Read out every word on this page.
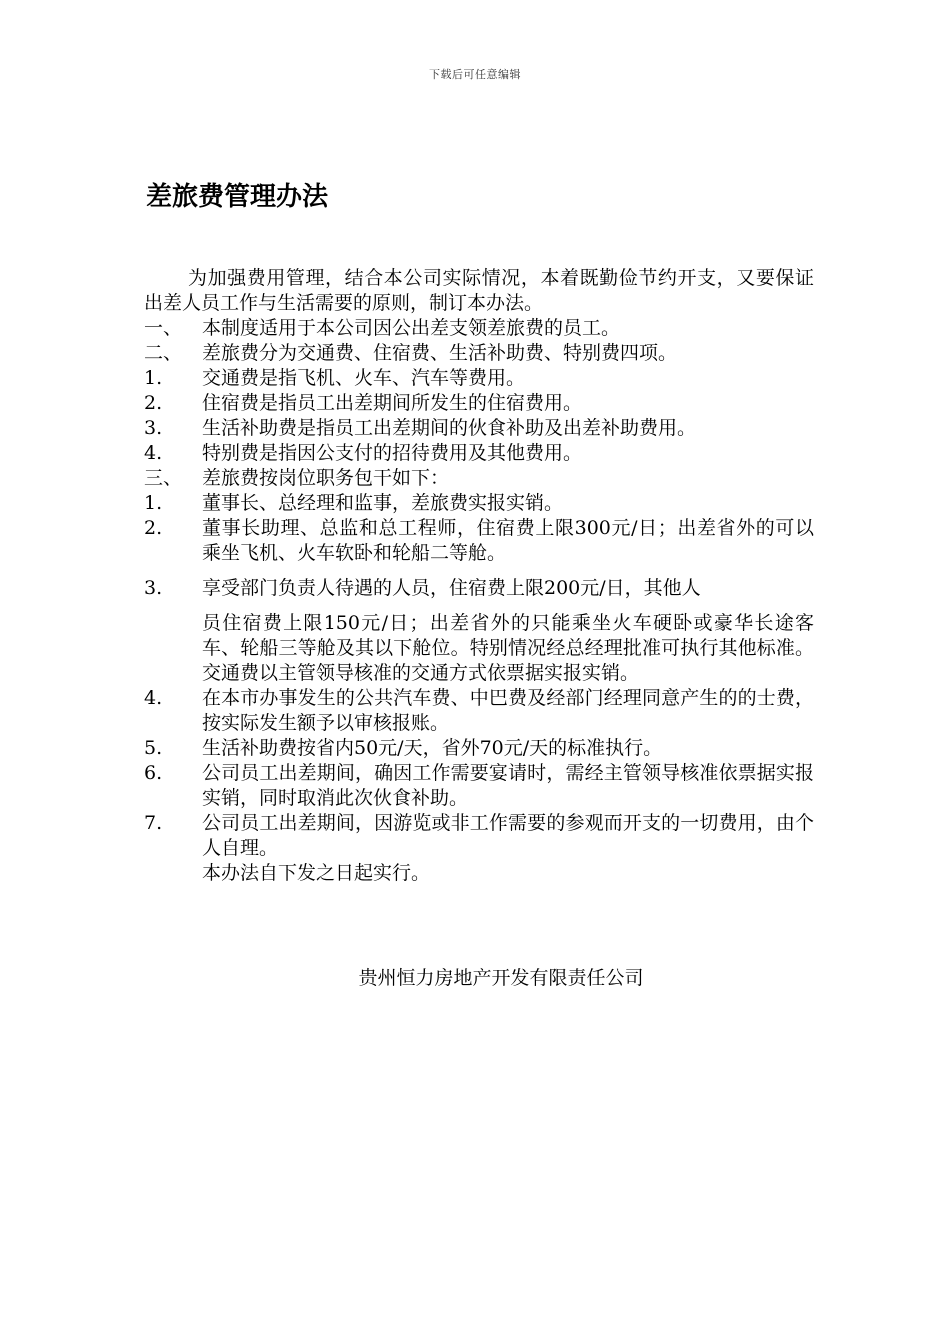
下载后可任意编辑
差旅费管理办法

为加强费用管理，结合本公司实际情况，本着既勤俭节约开支，又要保证出差人员工作与生活需要的原则，制订本办法。

一、	本制度适用于本公司因公出差支领差旅费的员工。
二、	差旅费分为交通费、住宿费、生活补助费、特别费四项。
1.	交通费是指飞机、火车、汽车等费用。
2.	住宿费是指员工出差期间所发生的住宿费用。
3.	生活补助费是指员工出差期间的伙食补助及出差补助费用。
4.	特别费是指因公支付的招待费用及其他费用。
三、	差旅费按岗位职务包干如下：
1.	董事长、总经理和监事，差旅费实报实销。
2.	董事长助理、总监和总工程师，住宿费上限300元/日；出差省外的可以乘坐飞机、火车软卧和轮船二等舱。
3.	享受部门负责人待遇的人员，住宿费上限200元/日，其他人
员住宿费上限150元/日；出差省外的只能乘坐火车硬卧或豪华长途客车、轮船三等舱及其以下舱位。特别情况经总经理批准可执行其他标准。交通费以主管领导核准的交通方式依票据实报实销。
4.	在本市办事发生的公共汽车费、中巴费及经部门经理同意产生的的士费，按实际发生额予以审核报账。
5.	生活补助费按省内50元/天，省外70元/天的标准执行。
6.	公司员工出差期间，确因工作需要宴请时，需经主管领导核准依票据实报实销，同时取消此次伙食补助。
7.	公司员工出差期间，因游览或非工作需要的参观而开支的一切费用，由个人自理。

本办法自下发之日起实行。

贵州恒力房地产开发有限责任公司
